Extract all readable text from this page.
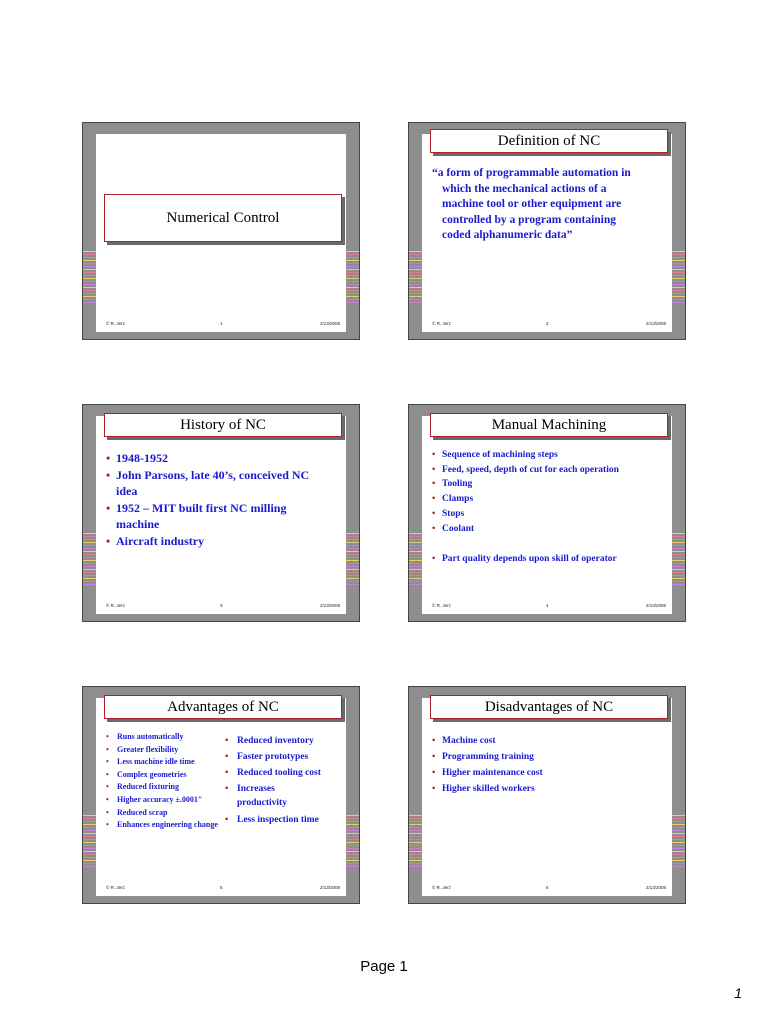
Numerical Control
© R. Jerz	1	2/13/2008
Definition of NC
“a form of programmable automation in
which the mechanical actions of a
machine tool or other equipment are
controlled by a program containing
coded alphanumeric data”
© R. Jerz	2	2/13/2008
History of NC
• 1948-1952
• John Parsons, late 40’s, conceived NC idea
• 1952 – MIT built first NC milling machine
• Aircraft industry
© R. Jerz	3	2/13/2008
Manual Machining
• Sequence of machining steps
• Feed, speed, depth of cut for each operation
• Tooling
• Clamps
• Stops
• Coolant
• Part quality depends upon skill of operator
© R. Jerz	4	2/13/2008
Advantages of NC
• Runs automatically
• Greater flexibility
• Less machine idle time
• Complex geometries
• Reduced fixturing
• Higher accuracy ±.0001"
• Reduced scrap
• Enhances engineering change
• Reduced inventory
• Faster prototypes
• Reduced tooling cost
• Increases productivity
• Less inspection time
© R. Jerz	5	2/13/2008
Disadvantages of NC
• Machine cost
• Programming training
• Higher maintenance cost
• Higher skilled workers
© R. Jerz	6	2/13/2008
Page 1
1
